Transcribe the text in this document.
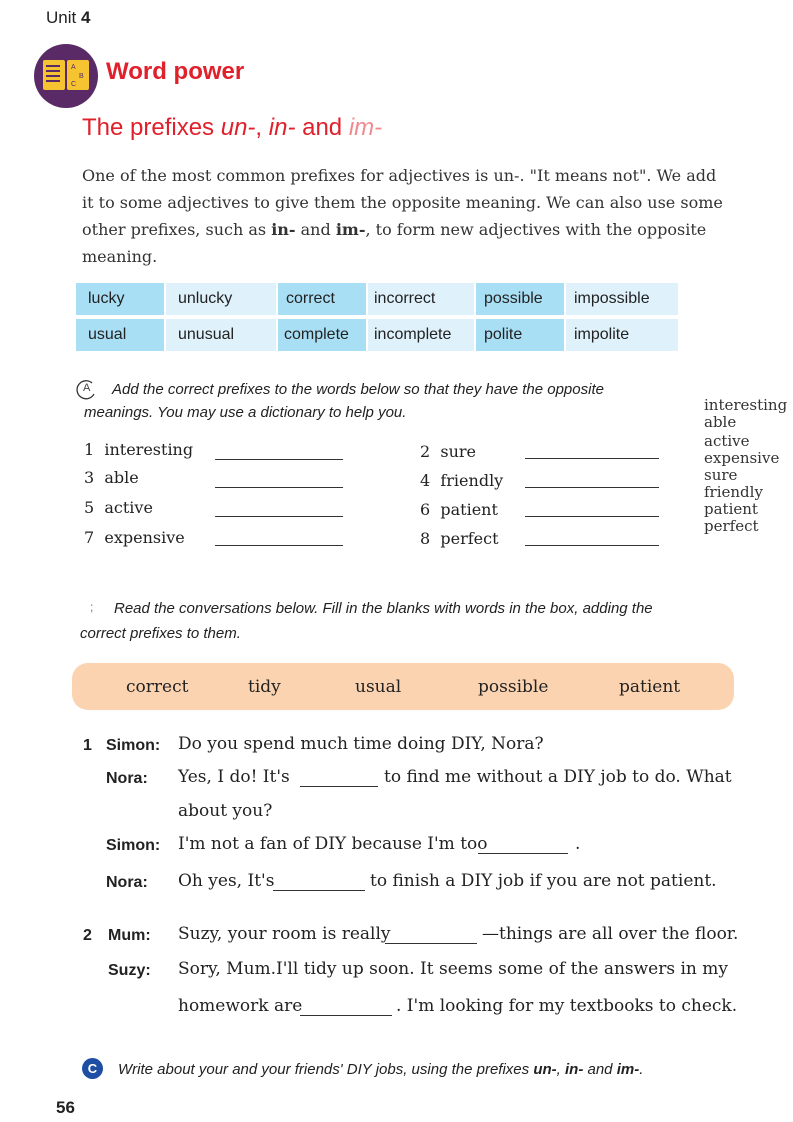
Unit 4
A
B
C Word power
The prefixes un-, in- and im-
One of the most common prefixes for adjectives is un-. "It means not". We add
it to some adjectives to give them the opposite meaning. We can also use some
other prefixes, such as in- and im-, to form new adjectives with the opposite
meaning.
lucky	unlucky	correct	incorrect	possible	impossible
usual	unusual	complete	incomplete	polite	impolite
A Add the correct prefixes to the words below so that they have the opposite
meanings. You may use a dictionary to help you.
1 interesting	2 sure
3 able	4 friendly
5 active	6 patient
7 expensive	8 perfect
interesting
able
active
expensive
sure
friendly
patient
perfect
; Read the conversations below. Fill in the blanks with words in the box, adding the
correct prefixes to them.
correct	tidy	usual	possible	patient
1 Simon: Do you spend much time doing DIY, Nora?
Nora: Yes, I do! It's	to find me without a DIY job to do. What
about you?
Simon: I'm not a fan of DIY because I'm too	.
Nora: Oh yes, It's	to finish a DIY job if you are not patient.
2 Mum: Suzy, your room is really	—things are all over the floor.
Suzy: Sory, Mum.I'll tidy up soon. It seems some of the answers in my
homework are	. I'm looking for my textbooks to check.
C	Write about your and your friends' DIY jobs, using the prefixes un-, in- and im-.
56
